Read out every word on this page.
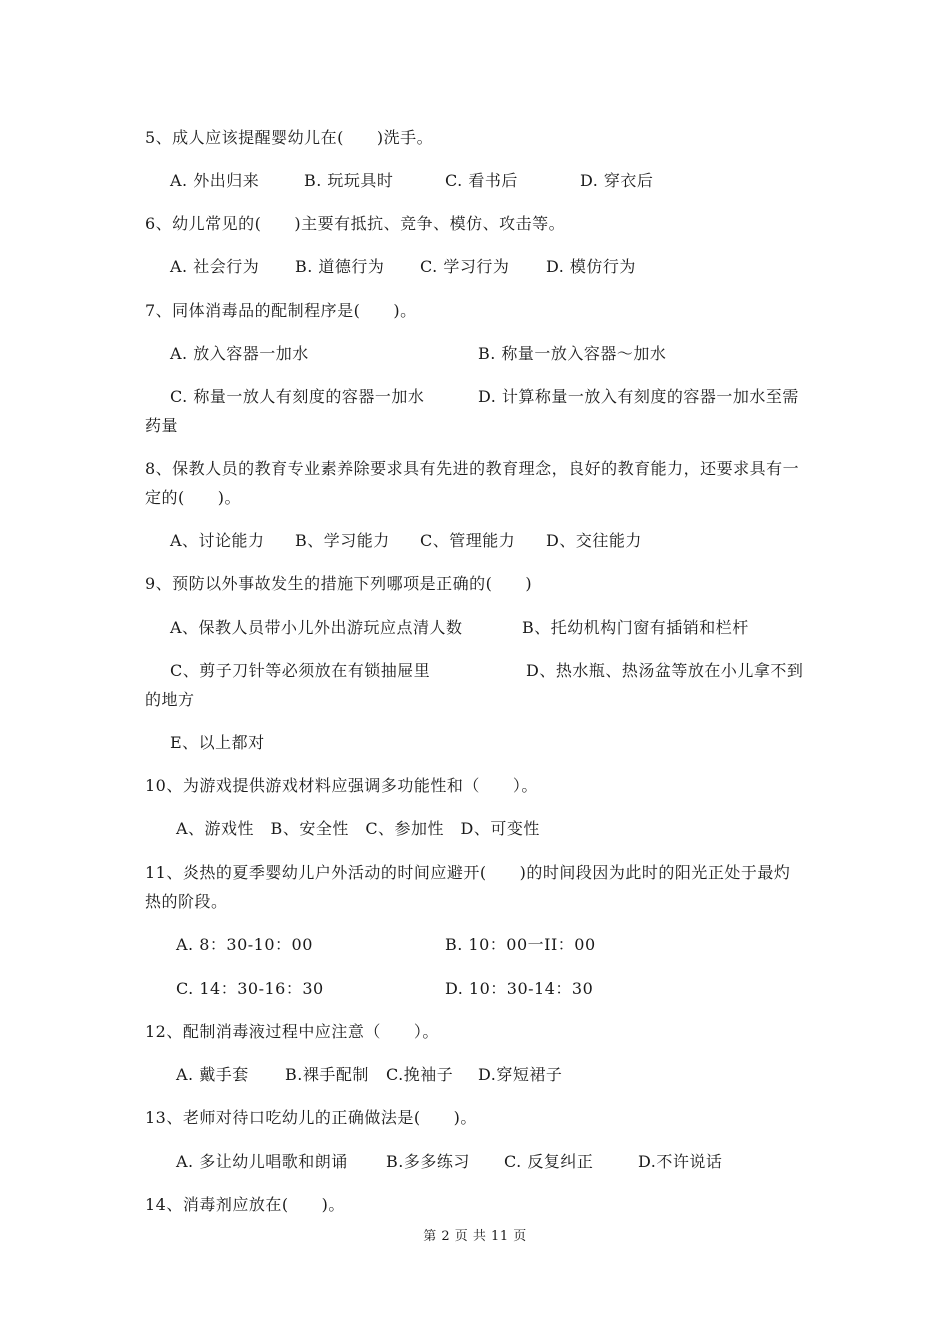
5、成人应该提醒婴幼儿在(　　)洗手。
A. 外出归来	B. 玩玩具时	C. 看书后	D. 穿衣后
6、幼儿常见的(　　)主要有抵抗、竞争、模仿、攻击等。
A. 社会行为 B. 道德行为 C. 学习行为 D. 模仿行为
7、同体消毒品的配制程序是(　　)。
A. 放入容器一加水	B. 称量一放入容器～加水
C. 称量一放人有刻度的容器一加水	D. 计算称量一放入有刻度的容器一加水至需
药量
8、保教人员的教育专业素养除要求具有先进的教育理念，良好的教育能力，还要求具有一
定的(　　)。
A、讨论能力 B、学习能力 C、管理能力 D、交往能力
9、预防以外事故发生的措施下列哪项是正确的(　　)
A、保教人员带小儿外出游玩应点清人数	B、托幼机构门窗有插销和栏杆
C、剪子刀针等必须放在有锁抽屉里	D、热水瓶、热汤盆等放在小儿拿不到
的地方
E、以上都对
10、为游戏提供游戏材料应强调多功能性和（　　）。
A、游戏性　B、安全性　C、参加性　D、可变性
11、炎热的夏季婴幼儿户外活动的时间应避开(　　)的时间段因为此时的阳光正处于最灼
热的阶段。
A. 8：30-10：00	B. 10：00一II：00
C. 14：30-16：30	D. 10：30-14：30
12、配制消毒液过程中应注意（　　）。
A. 戴手套 B.裸手配制 C.挽袖子 D.穿短裙子
13、老师对待口吃幼儿的正确做法是(　　)。
A. 多让幼儿唱歌和朗诵 B.多多练习 C. 反复纠正	D.不许说话
14、消毒剂应放在(　　)。
第 2 页 共 11 页
